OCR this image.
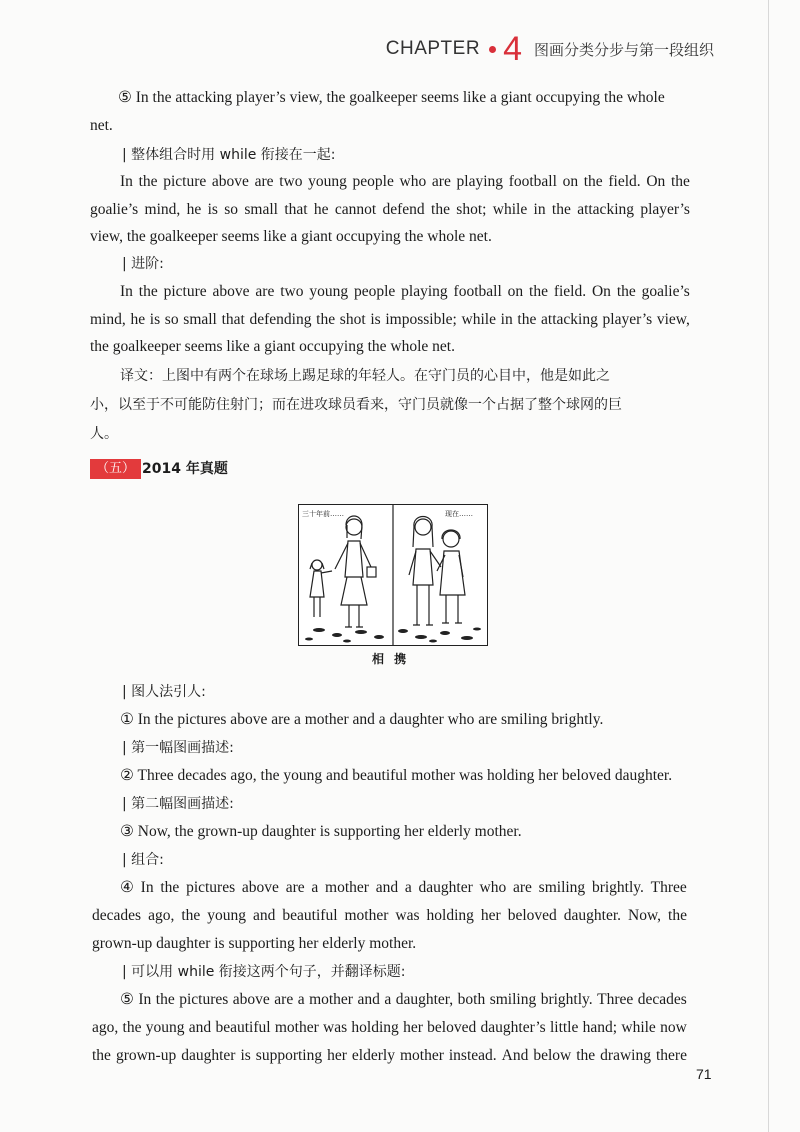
CHAPTER 4 图画分类分步与第一段组织
⑤ In the attacking player’s view, the goalkeeper seems like a giant occupying the whole
net.
| 整体组合时用 while 衔接在一起:
In the picture above are two young people who are playing football on the field. On the
goalie’s mind, he is so small that he cannot defend the shot; while in the attacking player’s
view, the goalkeeper seems like a giant occupying the whole net.
| 进阶:
In the picture above are two young people playing football on the field. On the goalie’s
mind, he is so small that defending the shot is impossible; while in the attacking player’s view,
the goalkeeper seems like a giant occupying the whole net.
译文：上图中有两个在球场上踢足球的年轻人。在守门员的心目中，他是如此之
小，以至于不可能防住射门；而在进攻球员看来，守门员就像一个占据了整个球网的巨
人。
（五） 2014 年真题
三十年前……	现在……
相 携
| 图人法引人:
① In the pictures above are a mother and a daughter who are smiling brightly.
| 第一幅图画描述:
② Three decades ago, the young and beautiful mother was holding her beloved daughter.
| 第二幅图画描述:
③ Now, the grown-up daughter is supporting her elderly mother.
| 组合:
④ In the pictures above are a mother and a daughter who are smiling brightly. Three
decades ago, the young and beautiful mother was holding her beloved daughter. Now, the
grown-up daughter is supporting her elderly mother.
| 可以用 while 衔接这两个句子，并翻译标题:
⑤ In the pictures above are a mother and a daughter, both smiling brightly. Three decades
ago, the young and beautiful mother was holding her beloved daughter’s little hand; while now
the grown-up daughter is supporting her elderly mother instead. And below the drawing there
71
